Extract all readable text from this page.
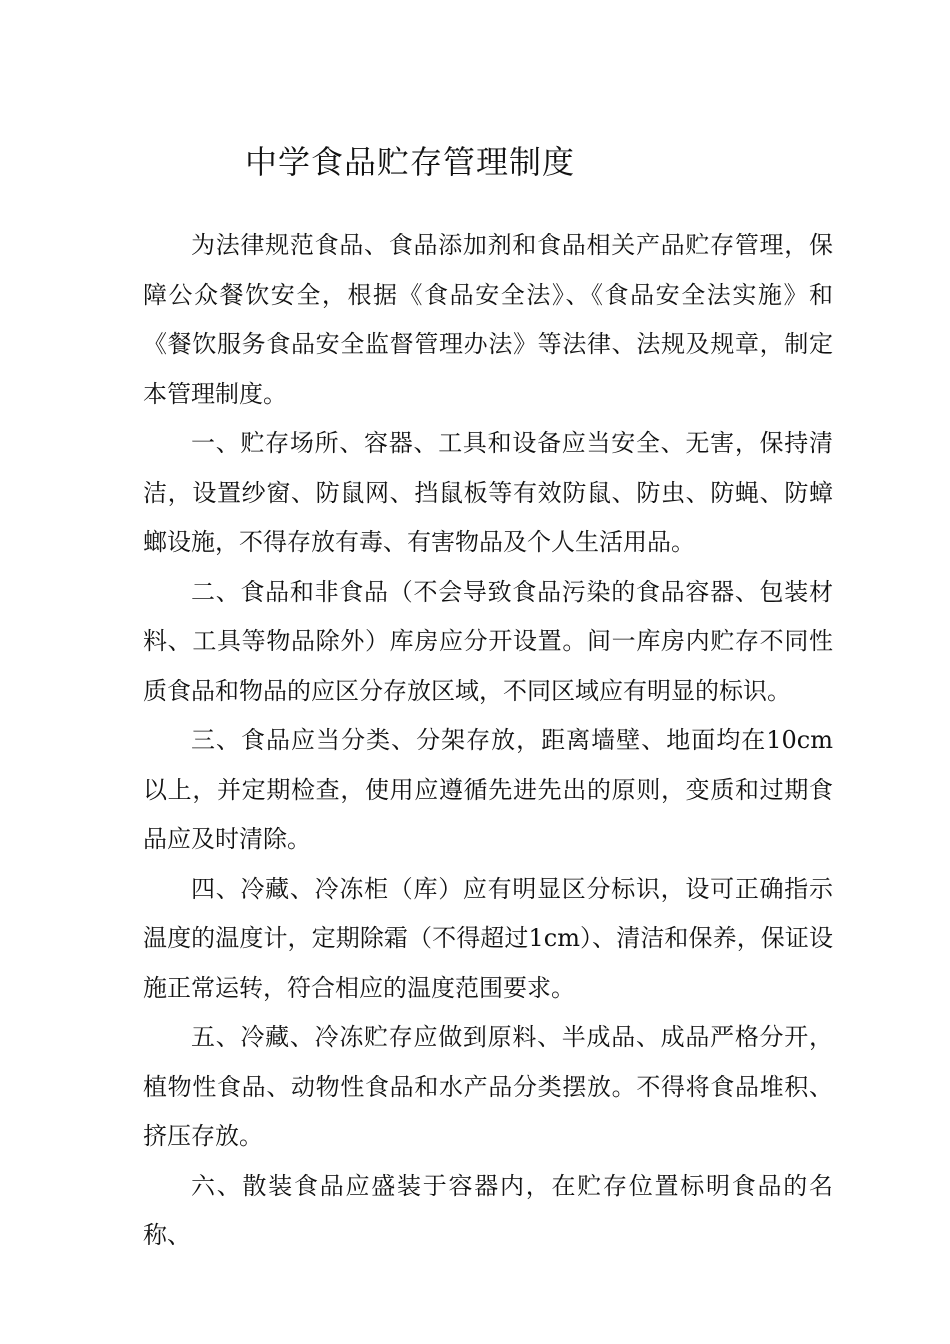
中学食品贮存管理制度

为法律规范食品、食品添加剂和食品相关产品贮存管理，保障公众餐饮安全，根据《食品安全法》、《食品安全法实施》和《餐饮服务食品安全监督管理办法》等法律、法规及规章，制定本管理制度。

一、贮存场所、容器、工具和设备应当安全、无害，保持清洁，设置纱窗、防鼠网、挡鼠板等有效防鼠、防虫、防蝇、防蟑螂设施，不得存放有毒、有害物品及个人生活用品。

二、食品和非食品（不会导致食品污染的食品容器、包装材料、工具等物品除外）库房应分开设置。间一库房内贮存不同性质食品和物品的应区分存放区域，不同区域应有明显的标识。

三、食品应当分类、分架存放，距离墙壁、地面均在10cm以上，并定期检查，使用应遵循先进先出的原则，变质和过期食品应及时清除。

四、冷藏、冷冻柜（库）应有明显区分标识，设可正确指示温度的温度计，定期除霜（不得超过1cm）、清洁和保养，保证设施正常运转，符合相应的温度范围要求。

五、冷藏、冷冻贮存应做到原料、半成品、成品严格分开，植物性食品、动物性食品和水产品分类摆放。不得将食品堆积、挤压存放。

六、散装食品应盛装于容器内，在贮存位置标明食品的名称、
